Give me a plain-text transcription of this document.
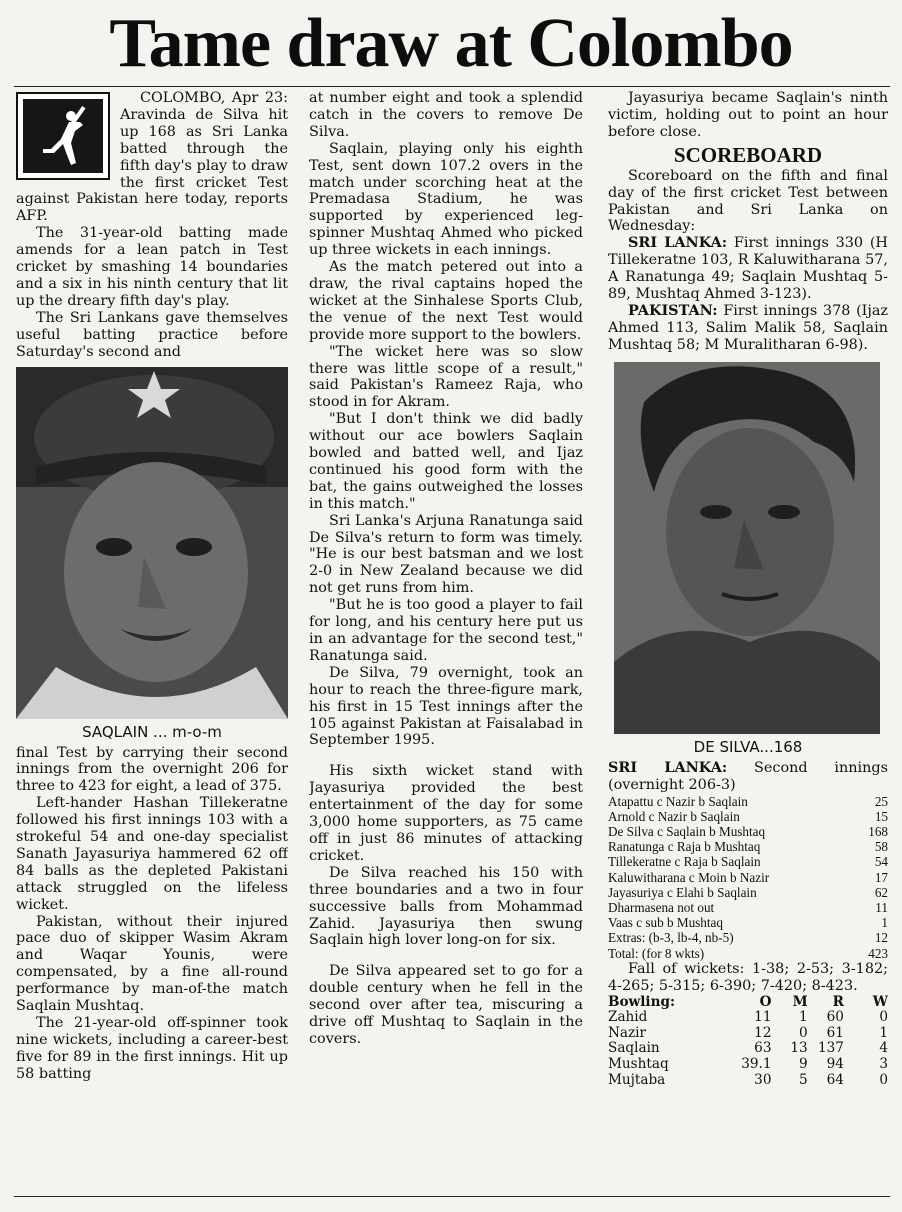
Tame draw at Colombo

COLOMBO, Apr 23: Aravinda de Silva hit up 168 as Sri Lanka batted through the fifth day's play to draw the first cricket Test against Pakistan here today, reports AFP.

The 31-year-old batting made amends for a lean patch in Test cricket by smashing 14 boundaries and a six in his ninth century that lit up the dreary fifth day's play.

The Sri Lankans gave themselves useful batting practice before Saturday's second and

SAQLAIN ... m-o-m

final Test by carrying their second innings from the overnight 206 for three to 423 for eight, a lead of 375.

Left-hander Hashan Tillekeratne followed his first innings 103 with a strokeful 54 and one-day specialist Sanath Jayasuriya hammered 62 off 84 balls as the depleted Pakistani attack struggled on the lifeless wicket.

Pakistan, without their injured pace duo of skipper Wasim Akram and Waqar Younis, were compensated, by a fine all-round performance by man-of-the match Saqlain Mushtaq.

The 21-year-old off-spinner took nine wickets, including a career-best five for 89 in the first innings. Hit up 58 batting

at number eight and took a splendid catch in the covers to remove De Silva.

Saqlain, playing only his eighth Test, sent down 107.2 overs in the match under scorching heat at the Premadasa Stadium, he was supported by experienced leg-spinner Mushtaq Ahmed who picked up three wickets in each innings.

As the match petered out into a draw, the rival captains hoped the wicket at the Sinhalese Sports Club, the venue of the next Test would provide more support to the bowlers.

"The wicket here was so slow there was little scope of a result," said Pakistan's Rameez Raja, who stood in for Akram.

"But I don't think we did badly without our ace bowlers Saqlain bowled and batted well, and Ijaz continued his good form with the bat, the gains outweighed the losses in this match."

Sri Lanka's Arjuna Ranatunga said De Silva's return to form was timely. "He is our best batsman and we lost 2-0 in New Zealand because we did not get runs from him.

"But he is too good a player to fail for long, and his century here put us in an advantage for the second test," Ranatunga said.

De Silva, 79 overnight, took an hour to reach the three-figure mark, his first in 15 Test innings after the 105 against Pakistan at Faisalabad in September 1995.

His sixth wicket stand with Jayasuriya provided the best entertainment of the day for some 3,000 home supporters, as 75 came off in just 86 minutes of attacking cricket.

De Silva reached his 150 with three boundaries and a two in four successive balls from Mohammad Zahid. Jayasuriya then swung Saqlain high lover long-on for six.

De Silva appeared set to go for a double century when he fell in the second over after tea, miscuring a drive off Mushtaq to Saqlain in the covers.

Jayasuriya became Saqlain's ninth victim, holding out to point an hour before close.

SCOREBOARD

Scoreboard on the fifth and final day of the first cricket Test between Pakistan and Sri Lanka on Wednesday:

SRI LANKA: First innings 330 (H Tillekeratne 103, R Kaluwitharana 57, A Ranatunga 49; Saqlain Mushtaq 5-89, Mushtaq Ahmed 3-123).

PAKISTAN: First innings 378 (Ijaz Ahmed 113, Salim Malik 58, Saqlain Mushtaq 58; M Muralitharan 6-98).

DE SILVA...168

SRI LANKA: Second innings (overnight 206-3)

Atapattu c Nazir b Saqlain	25
Arnold c Nazir b Saqlain	15
De Silva c Saqlain b Mushtaq	168
Ranatunga c Raja b Mushtaq	58
Tillekeratne c Raja b Saqlain	54
Kaluwitharana c Moin b Nazir	17
Jayasuriya c Elahi b Saqlain	62
Dharmasena not out	11
Vaas c sub b Mushtaq	1
Extras: (b-3, lb-4, nb-5)	12
Total: (for 8 wkts)	423

Fall of wickets: 1-38; 2-53; 3-182; 4-265; 5-315; 6-390; 7-420; 8-423.

Bowling:	O	M	R	W
Zahid	11	1	60	0
Nazir	12	0	61	1
Saqlain	63	13 137	4
Mushtaq	39.1	9	94	3
Mujtaba	30	5	64	0
